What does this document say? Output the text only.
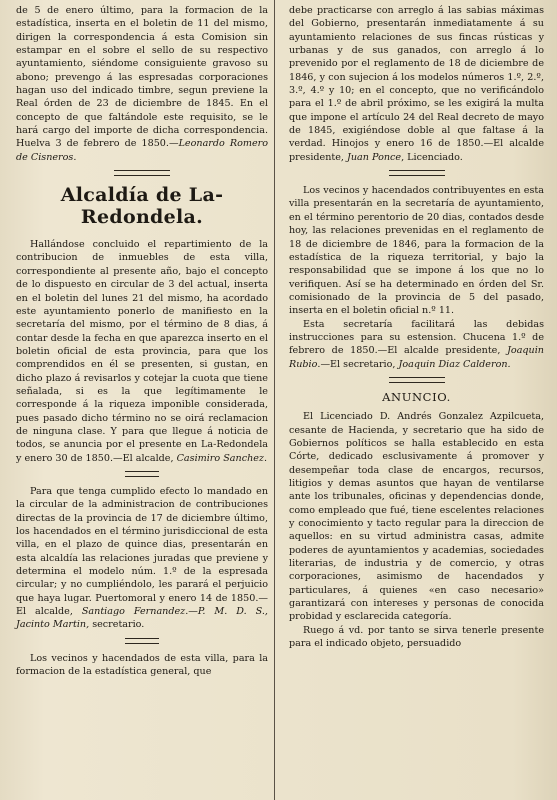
de 5 de enero último, para la formacion de la estadística, inserta en el boletin de 11 del mismo, dirigen la correspondencia á esta Comision sin estampar en el sobre el sello de su respectivo ayuntamiento, siéndome consiguiente gravoso su abono; prevengo á las espresadas corporaciones hagan uso del indicado timbre, segun previene la Real órden de 23 de diciembre de 1845. En el concepto de que faltándole este requisito, se le hará cargo del importe de dicha correspondencia. Huelva 3 de febrero de 1850.—Leonardo Romero de Cisneros.

Alcaldía de La-Redondela.

Hallándose concluido el repartimiento de la contribucion de inmuebles de esta villa, correspondiente al presente año, bajo el concepto de lo dispuesto en circular de 3 del actual, inserta en el boletin del lunes 21 del mismo, ha acordado este ayuntamiento ponerlo de manifiesto en la secretaría del mismo, por el término de 8 dias, á contar desde la fecha en que aparezca inserto en el boletin oficial de esta provincia, para que los comprendidos en él se presenten, si gustan, en dicho plazo á revisarlos y cotejar la cuota que tiene señalada, si es la que legítimamente le corresponde á la riqueza imponible considerada, pues pasado dicho término no se oirá reclamacion de ninguna clase. Y para que llegue á noticia de todos, se anuncia por el presente en La-Redondela y enero 30 de 1850.—El alcalde, Casimiro Sanchez.

Para que tenga cumplido efecto lo mandado en la circular de la administracion de contribuciones directas de la provincia de 17 de diciembre último, los hacendados en el término jurisdiccional de esta villa, en el plazo de quince dias, presentarán en esta alcaldía las relaciones juradas que previene y determina el modelo núm. 1.º de la espresada circular; y no cumpliéndolo, les parará el perjuicio que haya lugar. Puertomoral y enero 14 de 1850.—El alcalde, Santiago Fernandez.—P. M. D. S., Jacinto Martin, secretario.

Los vecinos y hacendados de esta villa, para la formacion de la estadística general, que

debe practicarse con arreglo á las sabias máximas del Gobierno, presentarán inmediatamente á su ayuntamiento relaciones de sus fincas rústicas y urbanas y de sus ganados, con arreglo á lo prevenido por el reglamento de 18 de diciembre de 1846, y con sujecion á los modelos números 1.º, 2.º, 3.º, 4.º y 10; en el concepto, que no verificándolo para el 1.º de abril próximo, se les exigirá la multa que impone el artículo 24 del Real decreto de mayo de 1845, exigiéndose doble al que faltase á la verdad. Hinojos y enero 16 de 1850.—El alcalde presidente, Juan Ponce, Licenciado.

Los vecinos y hacendados contribuyentes en esta villa presentarán en la secretaría de ayuntamiento, en el término perentorio de 20 dias, contados desde hoy, las relaciones prevenidas en el reglamento de 18 de diciembre de 1846, para la formacion de la estadística de la riqueza territorial, y bajo la responsabilidad que se impone á los que no lo verifiquen. Así se ha determinado en órden del Sr. comisionado de la provincia de 5 del pasado, inserta en el boletin oficial n.º 11.

Esta secretaría facilitará las debidas instrucciones para su estension. Chucena 1.º de febrero de 1850.—El alcalde presidente, Joaquin Rubio.—El secretario, Joaquin Diaz Calderon.

ANUNCIO.

El Licenciado D. Andrés Gonzalez Azpilcueta, cesante de Hacienda, y secretario que ha sido de Gobiernos políticos se halla establecido en esta Córte, dedicado esclusivamente á promover y desempeñar toda clase de encargos, recursos, litigios y demas asuntos que hayan de ventilarse ante los tribunales, oficinas y dependencias donde, como empleado que fué, tiene escelentes relaciones y conocimiento y tacto regular para la direccion de aquellos: en su virtud administra casas, admite poderes de ayuntamientos y academias, sociedades literarias, de industria y de comercio, y otras corporaciones, asimismo de hacendados y particulares, á quienes «en caso necesario» garantizará con intereses y personas de conocida probidad y esclarecida categoría.

Ruego á vd. por tanto se sirva tenerle presente para el indicado objeto, persuadido
